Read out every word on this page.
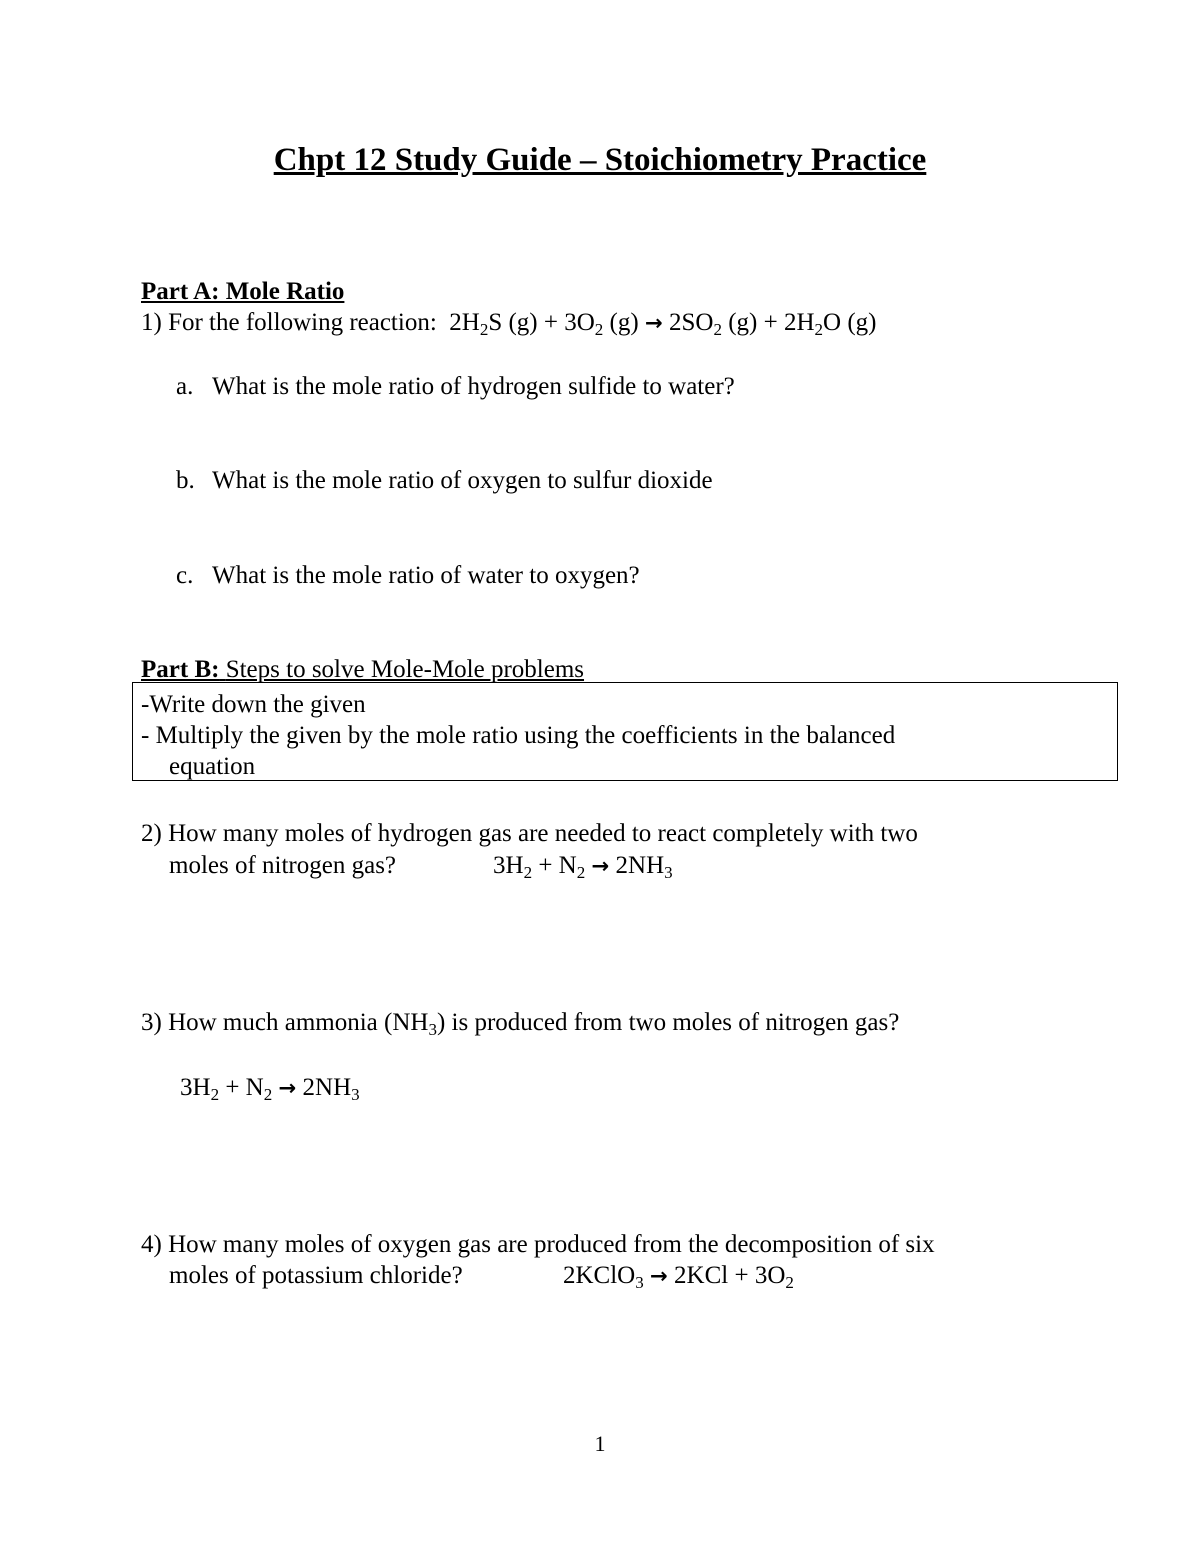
Chpt 12 Study Guide – Stoichiometry Practice
Part A: Mole Ratio
1) For the following reaction: $2H_2S$ $(g) + 3O_2$ $(g) \to 2SO_2$ $(g) + 2H_2O$ (g)
a. What is the mole ratio of hydrogen sulfide to water?
b. What is the mole ratio of oxygen to sulfur dioxide
c. What is the mole ratio of water to oxygen?
Part B: Steps to solve Mole-Mole problems
-Write down the given
- Multiply the given by the mole ratio using the coefficients in the balanced
equation
2) How many moles of hydrogen gas are needed to react completely with two
moles of nitrogen gas?	$3H_2 + N_2 \to 2NH_3$
3) How much ammonia $(NH_3)$ is produced from two moles of nitrogen gas?
$3H_2 + N_2 \to 2NH_3$
4) How many moles of oxygen gas are produced from the decomposition of six
moles of potassium chloride?	2KClO$_3$ → $2KCl + 3O_2$
1
